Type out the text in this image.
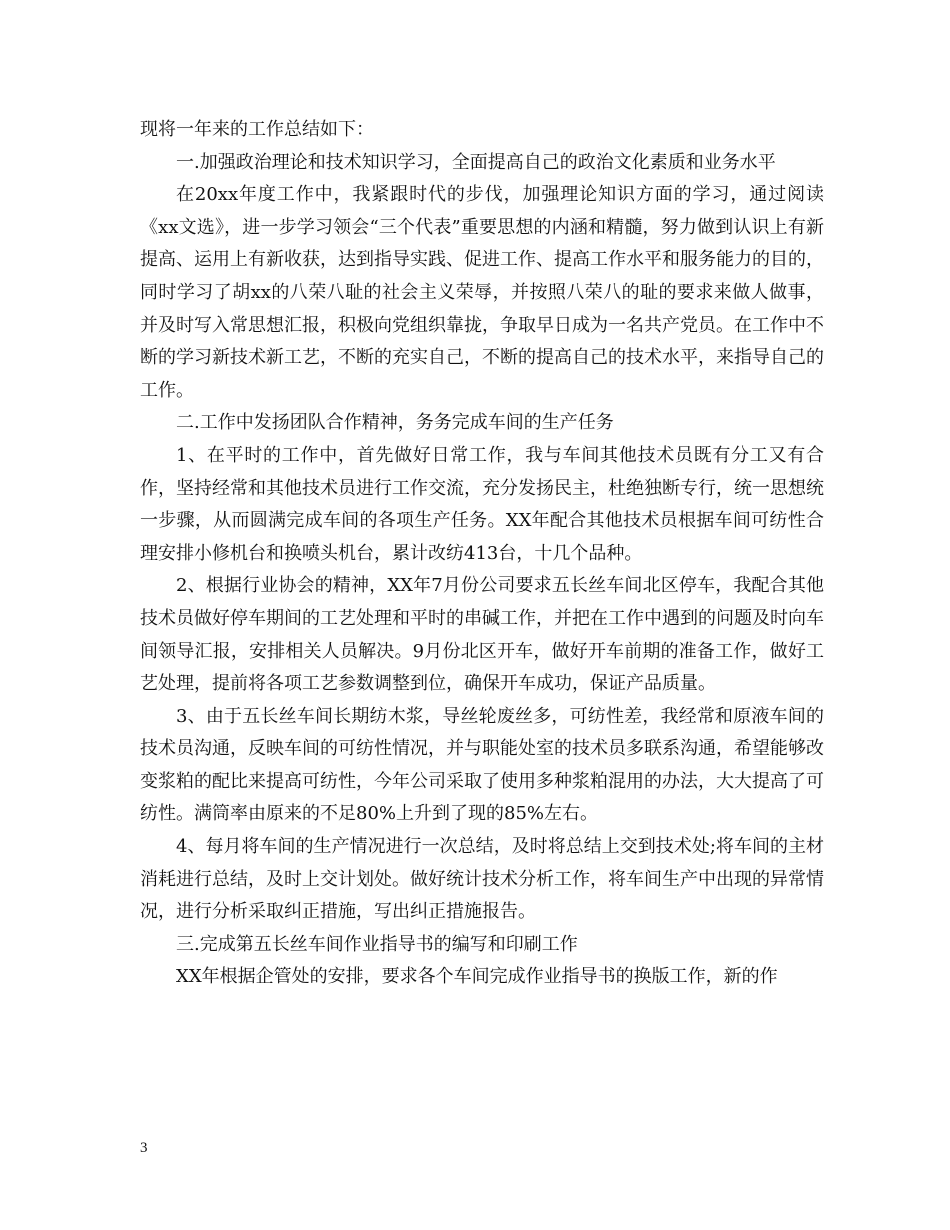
现将一年来的工作总结如下：

一.加强政治理论和技术知识学习，全面提高自己的政治文化素质和业务水平

在20xx年度工作中，我紧跟时代的步伐，加强理论知识方面的学习，通过阅读《xx文选》，进一步学习领会“三个代表”重要思想的内涵和精髓，努力做到认识上有新提高、运用上有新收获，达到指导实践、促进工作、提高工作水平和服务能力的目的，同时学习了胡xx的八荣八耻的社会主义荣辱，并按照八荣八的耻的要求来做人做事，并及时写入常思想汇报，积极向党组织靠拢，争取早日成为一名共产党员。在工作中不断的学习新技术新工艺，不断的充实自己，不断的提高自己的技术水平，来指导自己的工作。

二.工作中发扬团队合作精神，务务完成车间的生产任务

1、在平时的工作中，首先做好日常工作，我与车间其他技术员既有分工又有合作，坚持经常和其他技术员进行工作交流，充分发扬民主，杜绝独断专行，统一思想统一步骤，从而圆满完成车间的各项生产任务。XX年配合其他技术员根据车间可纺性合理安排小修机台和换喷头机台，累计改纺413台，十几个品种。

2、根据行业协会的精神，XX年7月份公司要求五长丝车间北区停车，我配合其他技术员做好停车期间的工艺处理和平时的串碱工作，并把在工作中遇到的问题及时向车间领导汇报，安排相关人员解决。9月份北区开车，做好开车前期的准备工作，做好工艺处理，提前将各项工艺参数调整到位，确保开车成功，保证产品质量。

3、由于五长丝车间长期纺木浆，导丝轮废丝多，可纺性差，我经常和原液车间的技术员沟通，反映车间的可纺性情况，并与职能处室的技术员多联系沟通，希望能够改变浆粕的配比来提高可纺性，今年公司采取了使用多种浆粕混用的办法，大大提高了可纺性。满筒率由原来的不足80%上升到了现的85%左右。

4、每月将车间的生产情况进行一次总结，及时将总结上交到技术处;将车间的主材消耗进行总结，及时上交计划处。做好统计技术分析工作，将车间生产中出现的异常情况，进行分析采取纠正措施，写出纠正措施报告。

三.完成第五长丝车间作业指导书的编写和印刷工作

XX年根据企管处的安排，要求各个车间完成作业指导书的换版工作，新的作

3
